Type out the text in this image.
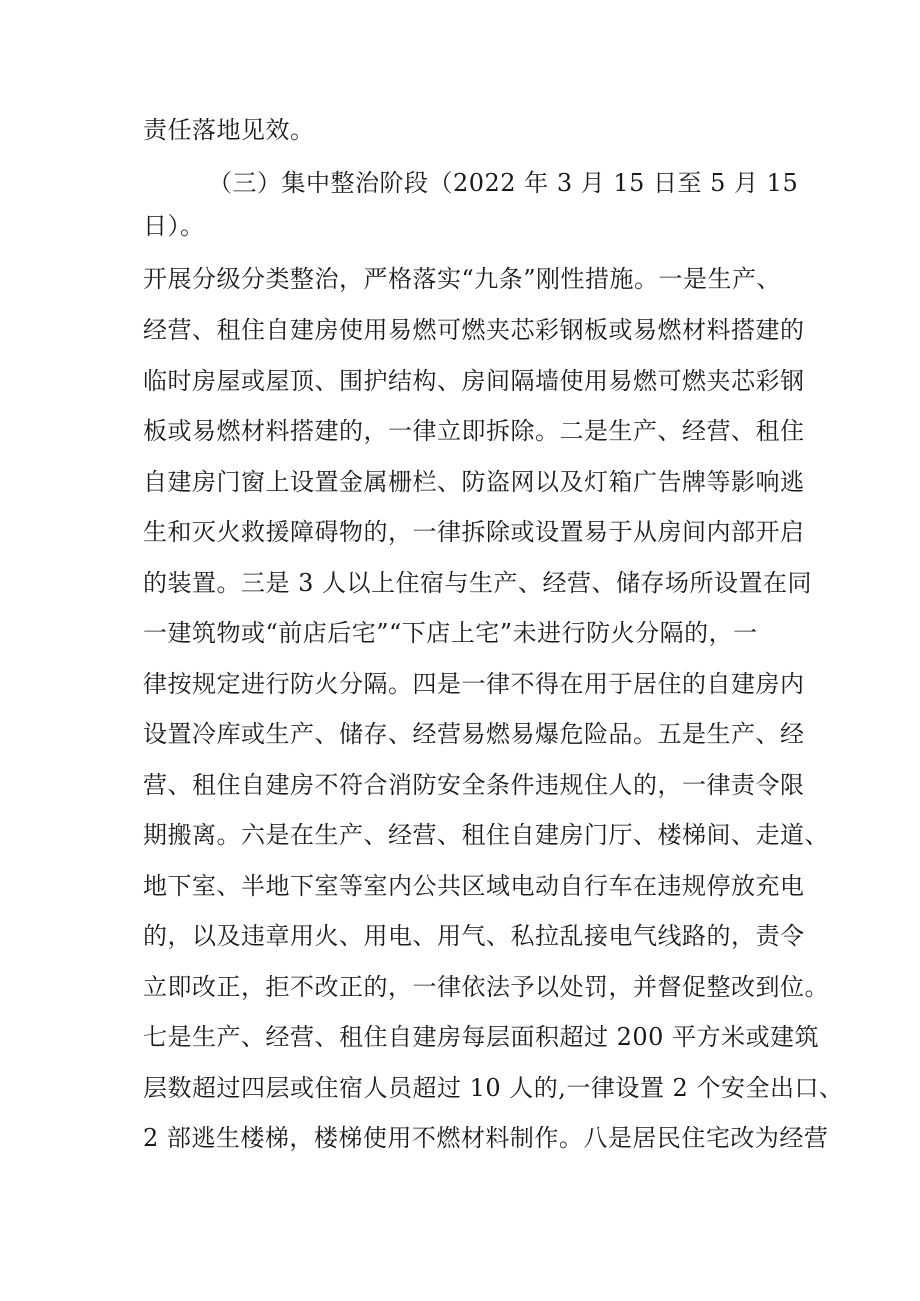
责任落地见效。
（三）集中整治阶段（2022 年 3 月 15 日至 5 月 15
日）。
开展分级分类整治，严格落实“九条”刚性措施。一是生产、
经营、租住自建房使用易燃可燃夹芯彩钢板或易燃材料搭建的
临时房屋或屋顶、围护结构、房间隔墙使用易燃可燃夹芯彩钢
板或易燃材料搭建的，一律立即拆除。二是生产、经营、租住
自建房门窗上设置金属栅栏、防盗网以及灯箱广告牌等影响逃
生和灭火救援障碍物的，一律拆除或设置易于从房间内部开启
的装置。三是 3 人以上住宿与生产、经营、储存场所设置在同
一建筑物或“前店后宅”“下店上宅”未进行防火分隔的，一
律按规定进行防火分隔。四是一律不得在用于居住的自建房内
设置冷库或生产、储存、经营易燃易爆危险品。五是生产、经
营、租住自建房不符合消防安全条件违规住人的，一律责令限
期搬离。六是在生产、经营、租住自建房门厅、楼梯间、走道、
地下室、半地下室等室内公共区域电动自行车在违规停放充电
的，以及违章用火、用电、用气、私拉乱接电气线路的，责令
立即改正，拒不改正的，一律依法予以处罚，并督促整改到位。
七是生产、经营、租住自建房每层面积超过 200 平方米或建筑
层数超过四层或住宿人员超过 10 人的,一律设置 2 个安全出口、
2 部逃生楼梯，楼梯使用不燃材料制作。八是居民住宅改为经营
